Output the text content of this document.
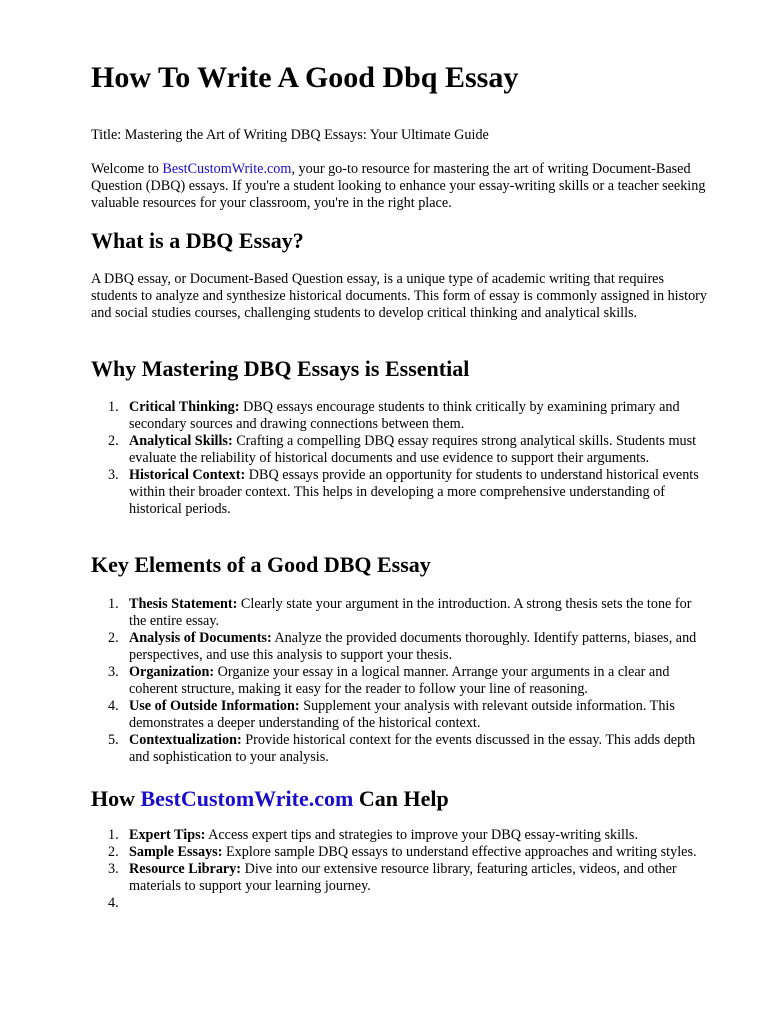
How To Write A Good Dbq Essay

Title: Mastering the Art of Writing DBQ Essays: Your Ultimate Guide

Welcome to BestCustomWrite.com, your go-to resource for mastering the art of writing Document-Based Question (DBQ) essays. If you're a student looking to enhance your essay-writing skills or a teacher seeking valuable resources for your classroom, you're in the right place.

What is a DBQ Essay?

A DBQ essay, or Document-Based Question essay, is a unique type of academic writing that requires students to analyze and synthesize historical documents. This form of essay is commonly assigned in history and social studies courses, challenging students to develop critical thinking and analytical skills.

Why Mastering DBQ Essays is Essential
1. Critical Thinking: DBQ essays encourage students to think critically by examining primary and secondary sources and drawing connections between them.
2. Analytical Skills: Crafting a compelling DBQ essay requires strong analytical skills. Students must evaluate the reliability of historical documents and use evidence to support their arguments.
3. Historical Context: DBQ essays provide an opportunity for students to understand historical events within their broader context. This helps in developing a more comprehensive understanding of historical periods.
Key Elements of a Good DBQ Essay
1. Thesis Statement: Clearly state your argument in the introduction. A strong thesis sets the tone for the entire essay.
2. Analysis of Documents: Analyze the provided documents thoroughly. Identify patterns, biases, and perspectives, and use this analysis to support your thesis.
3. Organization: Organize your essay in a logical manner. Arrange your arguments in a clear and coherent structure, making it easy for the reader to follow your line of reasoning.
4. Use of Outside Information: Supplement your analysis with relevant outside information. This demonstrates a deeper understanding of the historical context.
5. Contextualization: Provide historical context for the events discussed in the essay. This adds depth and sophistication to your analysis.
How BestCustomWrite.com Can Help
1. Expert Tips: Access expert tips and strategies to improve your DBQ essay-writing skills.
2. Sample Essays: Explore sample DBQ essays to understand effective approaches and writing styles.
3. Resource Library: Dive into our extensive resource library, featuring articles, videos, and other materials to support your learning journey.
4.
